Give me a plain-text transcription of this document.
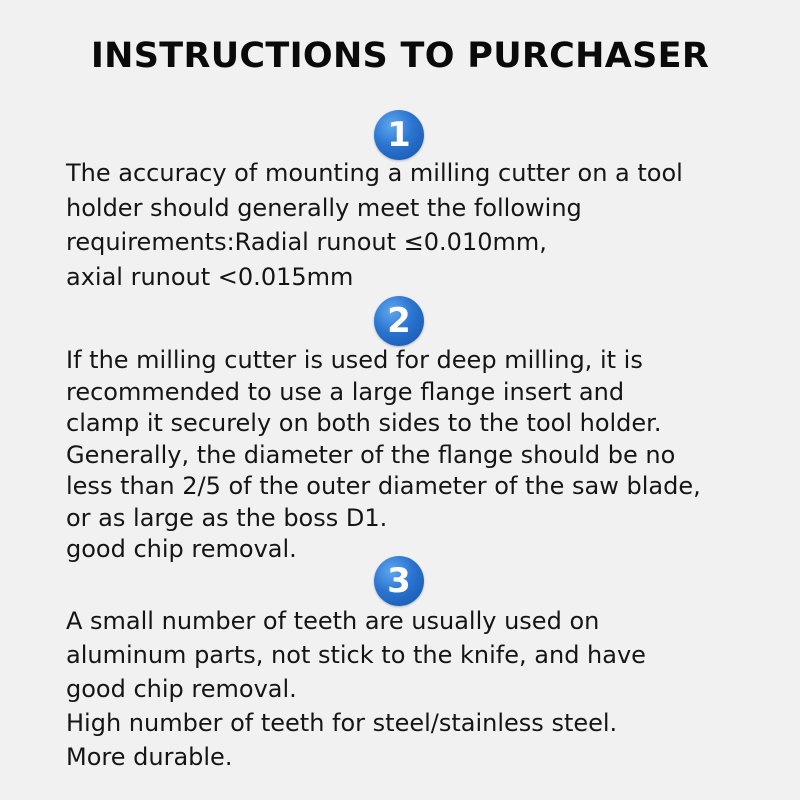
INSTRUCTIONS TO PURCHASER
1
The accuracy of mounting a milling cutter on a tool
holder should generally meet the following
requirements:Radial runout ≤0.010mm,
axial runout <0.015mm
2
If the milling cutter is used for deep milling, it is
recommended to use a large flange insert and
clamp it securely on both sides to the tool holder.
Generally, the diameter of the flange should be no
less than 2/5 of the outer diameter of the saw blade,
or as large as the boss D1.
good chip removal.
3
A small number of teeth are usually used on
aluminum parts, not stick to the knife, and have
good chip removal.
High number of teeth for steel/stainless steel.
More durable.
